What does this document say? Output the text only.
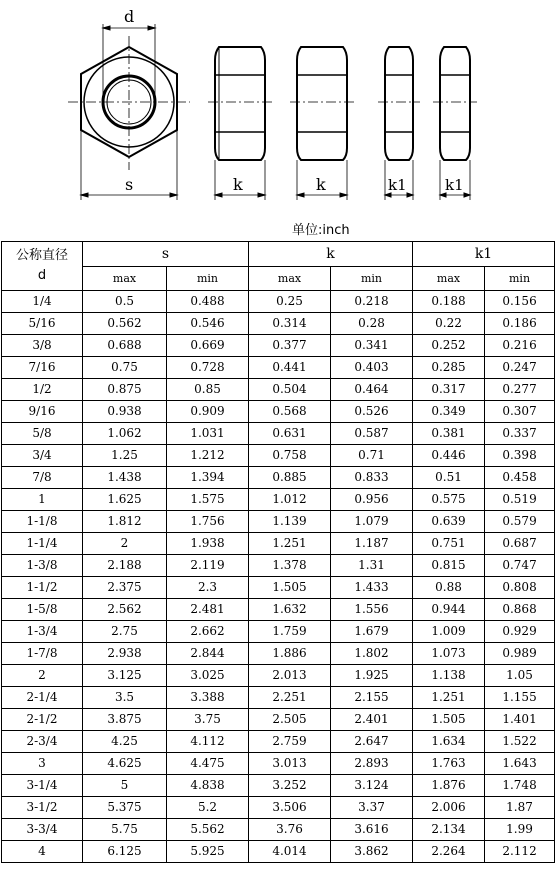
d
s	k	k	k1	k1
单位:inch
公称直径
d	s		k		k1	
	max	min	max	min	max	min
1/4	0.5	0.488	0.25	0.218	0.188	0.156
5/16	0.562	0.546	0.314	0.28	0.22	0.186
3/8	0.688	0.669	0.377	0.341	0.252	0.216
7/16	0.75	0.728	0.441	0.403	0.285	0.247
1/2	0.875	0.85	0.504	0.464	0.317	0.277
9/16	0.938	0.909	0.568	0.526	0.349	0.307
5/8	1.062	1.031	0.631	0.587	0.381	0.337
3/4	1.25	1.212	0.758	0.71	0.446	0.398
7/8	1.438	1.394	0.885	0.833	0.51	0.458
1	1.625	1.575	1.012	0.956	0.575	0.519
1-1/8	1.812	1.756	1.139	1.079	0.639	0.579
1-1/4	2	1.938	1.251	1.187	0.751	0.687
1-3/8	2.188	2.119	1.378	1.31	0.815	0.747
1-1/2	2.375	2.3	1.505	1.433	0.88	0.808
1-5/8	2.562	2.481	1.632	1.556	0.944	0.868
1-3/4	2.75	2.662	1.759	1.679	1.009	0.929
1-7/8	2.938	2.844	1.886	1.802	1.073	0.989
2	3.125	3.025	2.013	1.925	1.138	1.05
2-1/4	3.5	3.388	2.251	2.155	1.251	1.155
2-1/2	3.875	3.75	2.505	2.401	1.505	1.401
2-3/4	4.25	4.112	2.759	2.647	1.634	1.522
3	4.625	4.475	3.013	2.893	1.763	1.643
3-1/4	5	4.838	3.252	3.124	1.876	1.748
3-1/2	5.375	5.2	3.506	3.37	2.006	1.87
3-3/4	5.75	5.562	3.76	3.616	2.134	1.99
4	6.125	5.925	4.014	3.862	2.264	2.112
